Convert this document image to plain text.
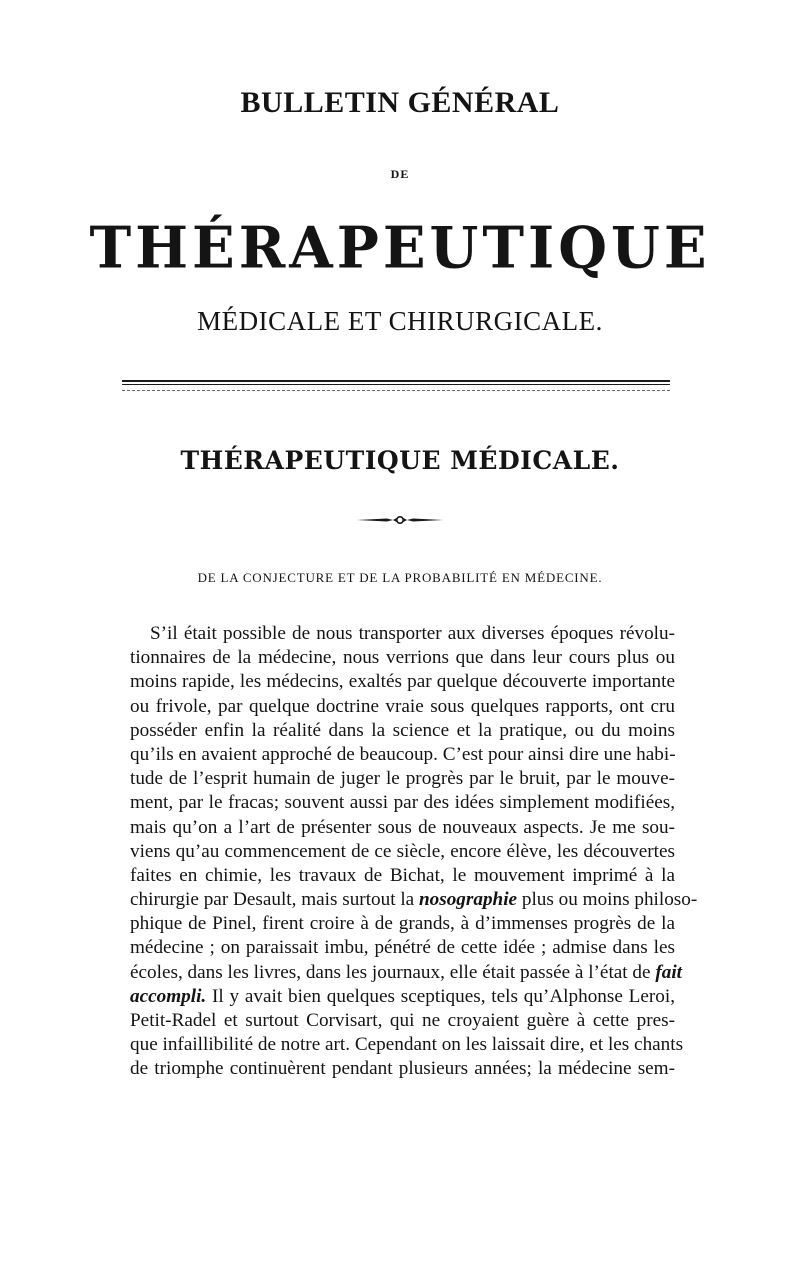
BULLETIN GÉNÉRAL
DE
THÉRAPEUTIQUE
MÉDICALE ET CHIRURGICALE.
THÉRAPEUTIQUE MÉDICALE.
DE LA CONJECTURE ET DE LA PROBABILITÉ EN MÉDECINE.
S’il était possible de nous transporter aux diverses époques révolu-
tionnaires de la médecine, nous verrions que dans leur cours plus ou
moins rapide, les médecins, exaltés par quelque découverte importante
ou frivole, par quelque doctrine vraie sous quelques rapports, ont cru
posséder enfin la réalité dans la science et la pratique, ou du moins
qu’ils en avaient approché de beaucoup. C’est pour ainsi dire une habi-
tude de l’esprit humain de juger le progrès par le bruit, par le mouve-
ment, par le fracas; souvent aussi par des idées simplement modifiées,
mais qu’on a l’art de présenter sous de nouveaux aspects. Je me sou-
viens qu’au commencement de ce siècle, encore élève, les découvertes
faites en chimie, les travaux de Bichat, le mouvement imprimé à la
chirurgie par Desault, mais surtout la nosographie plus ou moins philoso-
phique de Pinel, firent croire à de grands, à d’immenses progrès de la
médecine ; on paraissait imbu, pénétré de cette idée ; admise dans les
écoles, dans les livres, dans les journaux, elle était passée à l’état de fait
accompli. Il y avait bien quelques sceptiques, tels qu’Alphonse Leroi,
Petit-Radel et surtout Corvisart, qui ne croyaient guère à cette pres-
que infaillibilité de notre art. Cependant on les laissait dire, et les chants
de triomphe continuèrent pendant plusieurs années; la médecine sem-
